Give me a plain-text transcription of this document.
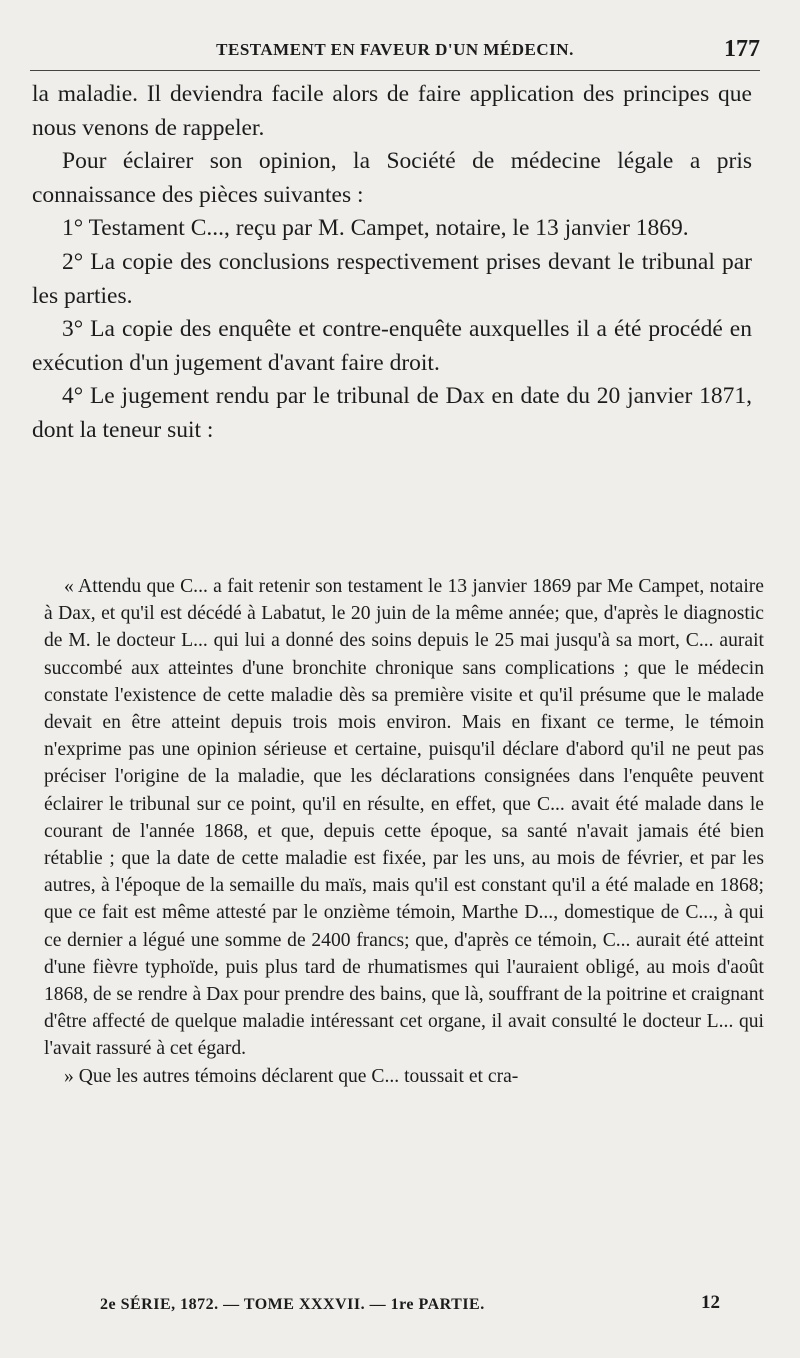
TESTAMENT EN FAVEUR D'UN MÉDECIN.	177

la maladie. Il deviendra facile alors de faire application des principes que nous venons de rappeler.

Pour éclairer son opinion, la Société de médecine légale a pris connaissance des pièces suivantes :

1° Testament C..., reçu par M. Campet, notaire, le 13 janvier 1869.

2° La copie des conclusions respectivement prises devant le tribunal par les parties.

3° La copie des enquête et contre-enquête auxquelles il a été procédé en exécution d'un jugement d'avant faire droit.

4° Le jugement rendu par le tribunal de Dax en date du 20 janvier 1871, dont la teneur suit :

« Attendu que C... a fait retenir son testament le 13 janvier 1869 par Me Campet, notaire à Dax, et qu'il est décédé à Labatut, le 20 juin de la même année; que, d'après le diagnostic de M. le docteur L... qui lui a donné des soins depuis le 25 mai jusqu'à sa mort, C... aurait succombé aux atteintes d'une bronchite chronique sans complications ; que le médecin constate l'existence de cette maladie dès sa première visite et qu'il présume que le malade devait en être atteint depuis trois mois environ. Mais en fixant ce terme, le témoin n'exprime pas une opinion sérieuse et certaine, puisqu'il déclare d'abord qu'il ne peut pas préciser l'origine de la maladie, que les déclarations consignées dans l'enquête peuvent éclairer le tribunal sur ce point, qu'il en résulte, en effet, que C... avait été malade dans le courant de l'année 1868, et que, depuis cette époque, sa santé n'avait jamais été bien rétablie ; que la date de cette maladie est fixée, par les uns, au mois de février, et par les autres, à l'époque de la semaille du maïs, mais qu'il est constant qu'il a été malade en 1868; que ce fait est même attesté par le onzième témoin, Marthe D..., domestique de C..., à qui ce dernier a légué une somme de 2400 francs; que, d'après ce témoin, C... aurait été atteint d'une fièvre typhoïde, puis plus tard de rhumatismes qui l'auraient obligé, au mois d'août 1868, de se rendre à Dax pour prendre des bains, que là, souffrant de la poitrine et craignant d'être affecté de quelque maladie intéressant cet organe, il avait consulté le docteur L... qui l'avait rassuré à cet égard.

» Que les autres témoins déclarent que C... toussait et cra-

2e SÉRIE, 1872. — TOME XXXVII. — 1re PARTIE.	12
